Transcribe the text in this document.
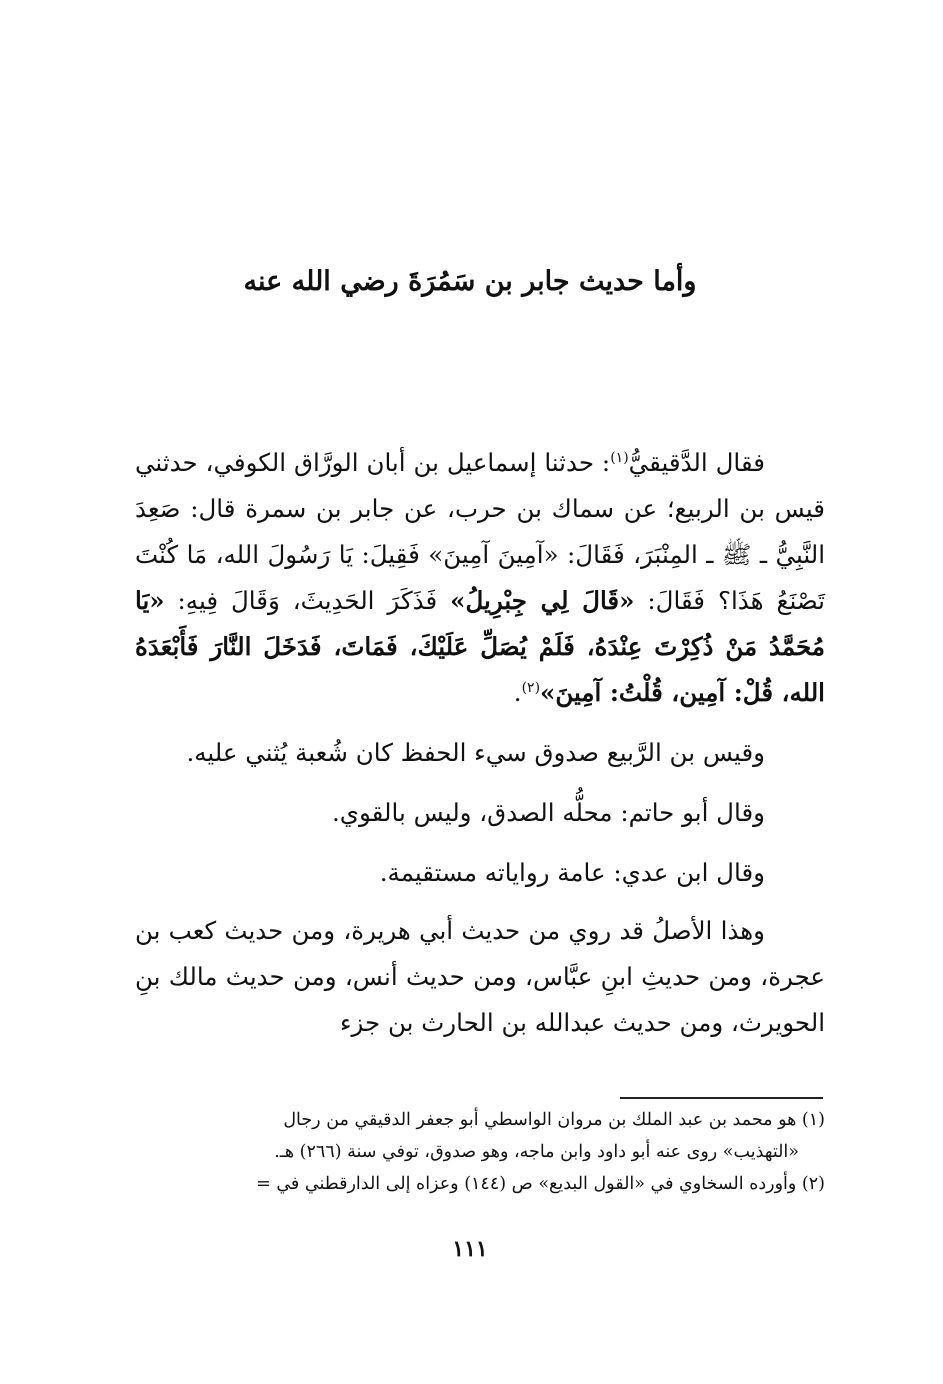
وأما حديث جابر بن سَمُرَةَ رضي الله عنه

فقال الدَّقيقيُّ$^{(١)}$: حدثنا إسماعيل بن أبان الورَّاق الكوفي، حدثني قيس بن الربيع؛ عن سماك بن حرب، عن جابر بن سمرة قال: صَعِدَ النَّبِيُّ ـ ﷺ ـ المِنْبَرَ، فَقَالَ: «آمِينَ آمِينَ» فَقِيلَ: يَا رَسُولَ الله، مَا كُنْتَ تَصْنَعُ هَذَا؟ فَقَالَ: «قَالَ لِي جِبْرِيلُ» فَذَكَرَ الحَدِيثَ، وَقَالَ فِيهِ: «يَا مُحَمَّدُ مَنْ ذُكِرْتَ عِنْدَهُ، فَلَمْ يُصَلِّ عَلَيْكَ، فَمَاتَ، فَدَخَلَ النَّارَ فَأَبْعَدَهُ الله، قُلْ: آمِين، قُلْتُ: آمِينَ»$^{(٢)}$.

وقيس بن الرَّبيع صدوق سيء الحفظ كان شُعبة يُثني عليه.

وقال أبو حاتم: محلُّه الصدق، وليس بالقوي.

وقال ابن عدي: عامة رواياته مستقيمة.

وهذا الأصلُ قد روي من حديث أبي هريرة، ومن حديث كعب بن عجرة، ومن حديثِ ابنِ عبَّاس، ومن حديث أنس، ومن حديث مالك بنِ الحويرث، ومن حديث عبدالله بن الحارث بن جزء

(١) هو محمد بن عبد الملك بن مروان الواسطي أبو جعفر الدقيقي من رجال

«التهذيب» روى عنه أبو داود وابن ماجه، وهو صدوق، توفي سنة (٢٦٦) هـ.

(٢) وأورده السخاوي في «القول البديع» ص (١٤٤) وعزاه إلى الدارقطني في =

١١١
